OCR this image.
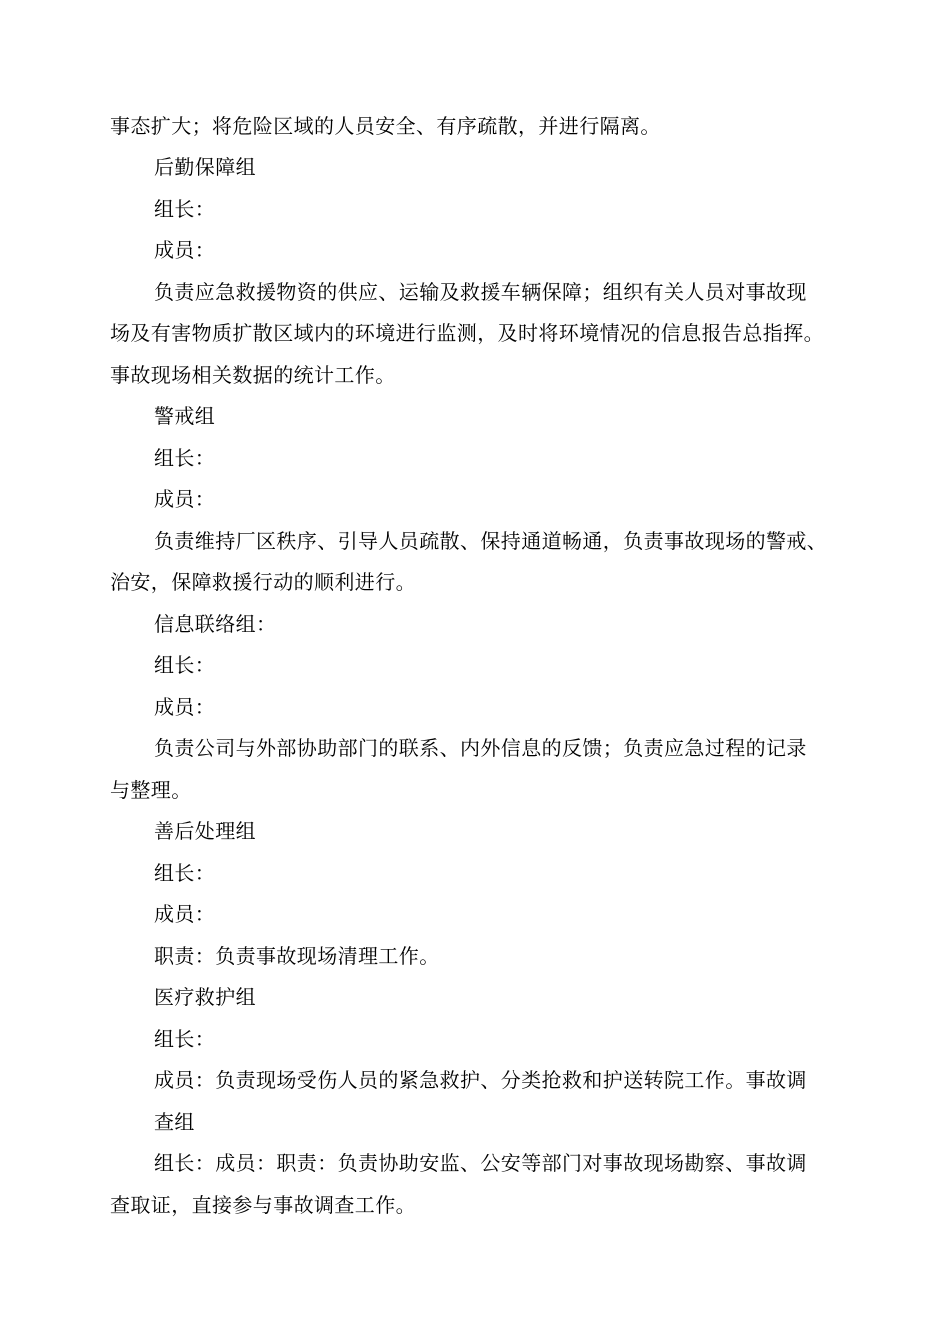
事态扩大；将危险区域的人员安全、有序疏散，并进行隔离。
后勤保障组
组长：
成员：
负责应急救援物资的供应、运输及救援车辆保障；组织有关人员对事故现
场及有害物质扩散区域内的环境进行监测，及时将环境情况的信息报告总指挥。
事故现场相关数据的统计工作。
警戒组
组长：
成员：
负责维持厂区秩序、引导人员疏散、保持通道畅通，负责事故现场的警戒、
治安，保障救援行动的顺利进行。
信息联络组：
组长：
成员：
负责公司与外部协助部门的联系、内外信息的反馈；负责应急过程的记录
与整理。
善后处理组
组长：
成员：
职责：负责事故现场清理工作。
医疗救护组
组长：
成员：负责现场受伤人员的紧急救护、分类抢救和护送转院工作。事故调
查组
组长：成员：职责：负责协助安监、公安等部门对事故现场勘察、事故调
查取证，直接参与事故调查工作。
